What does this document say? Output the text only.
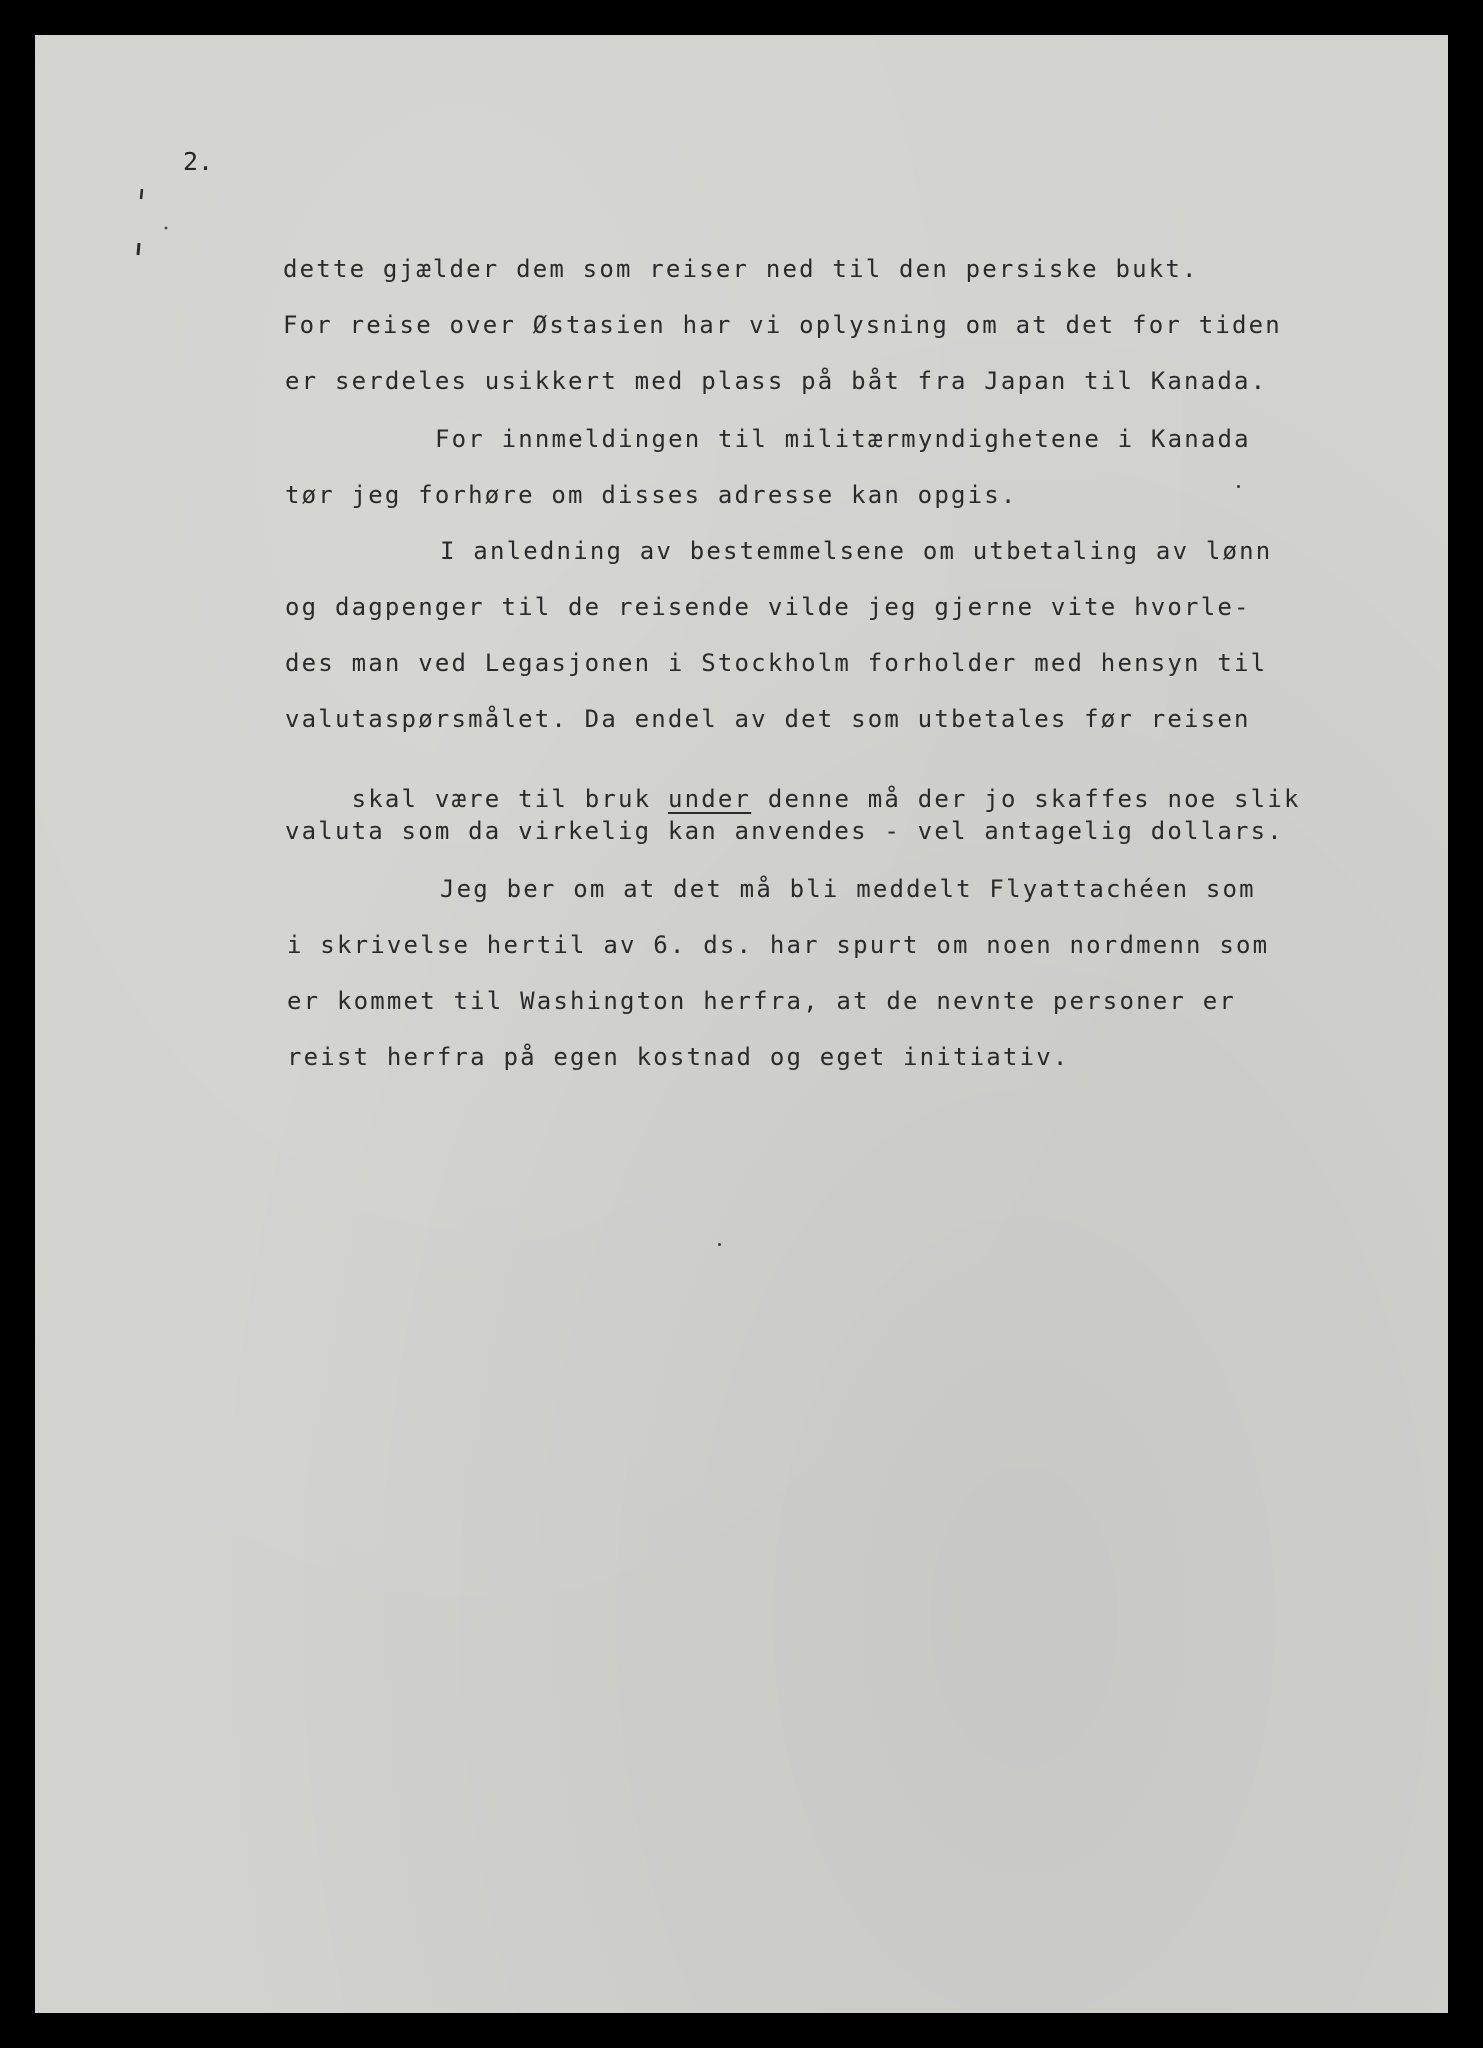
2.
dette gjælder dem som reiser ned til den persiske bukt.
For reise over Østasien har vi oplysning om at det for tiden
er serdeles usikkert med plass på båt fra Japan til Kanada.
For innmeldingen til militærmyndighetene i Kanada
tør jeg forhøre om disses adresse kan opgis.
I anledning av bestemmelsene om utbetaling av lønn
og dagpenger til de reisende vilde jeg gjerne vite hvorle-
des man ved Legasjonen i Stockholm forholder med hensyn til
valutaspørsmålet. Da endel av det som utbetales før reisen

skal være til bruk under denne må der jo skaffes noe slik

valuta som da virkelig kan anvendes - vel antagelig dollars.
Jeg ber om at det må bli meddelt Flyattachéen som
i skrivelse hertil av 6. ds. har spurt om noen nordmenn som
er kommet til Washington herfra, at de nevnte personer er
reist herfra på egen kostnad og eget initiativ.
